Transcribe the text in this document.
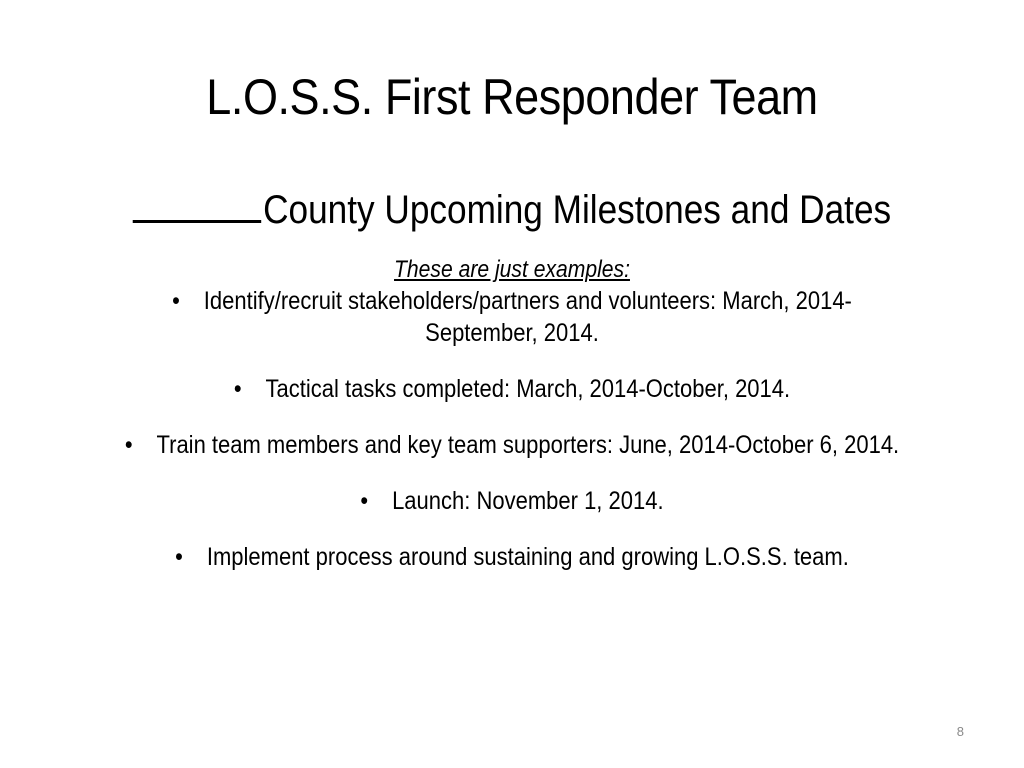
L.O.S.S. First Responder Team
County Upcoming Milestones and Dates

These are just examples:

• Identify/recruit stakeholders/partners and volunteers: March, 2014-September, 2014.
• Tactical tasks completed: March, 2014-October, 2014.
• Train team members and key team supporters: June, 2014-October 6, 2014.
• Launch: November 1, 2014.
• Implement process around sustaining and growing L.O.S.S. team.
8
